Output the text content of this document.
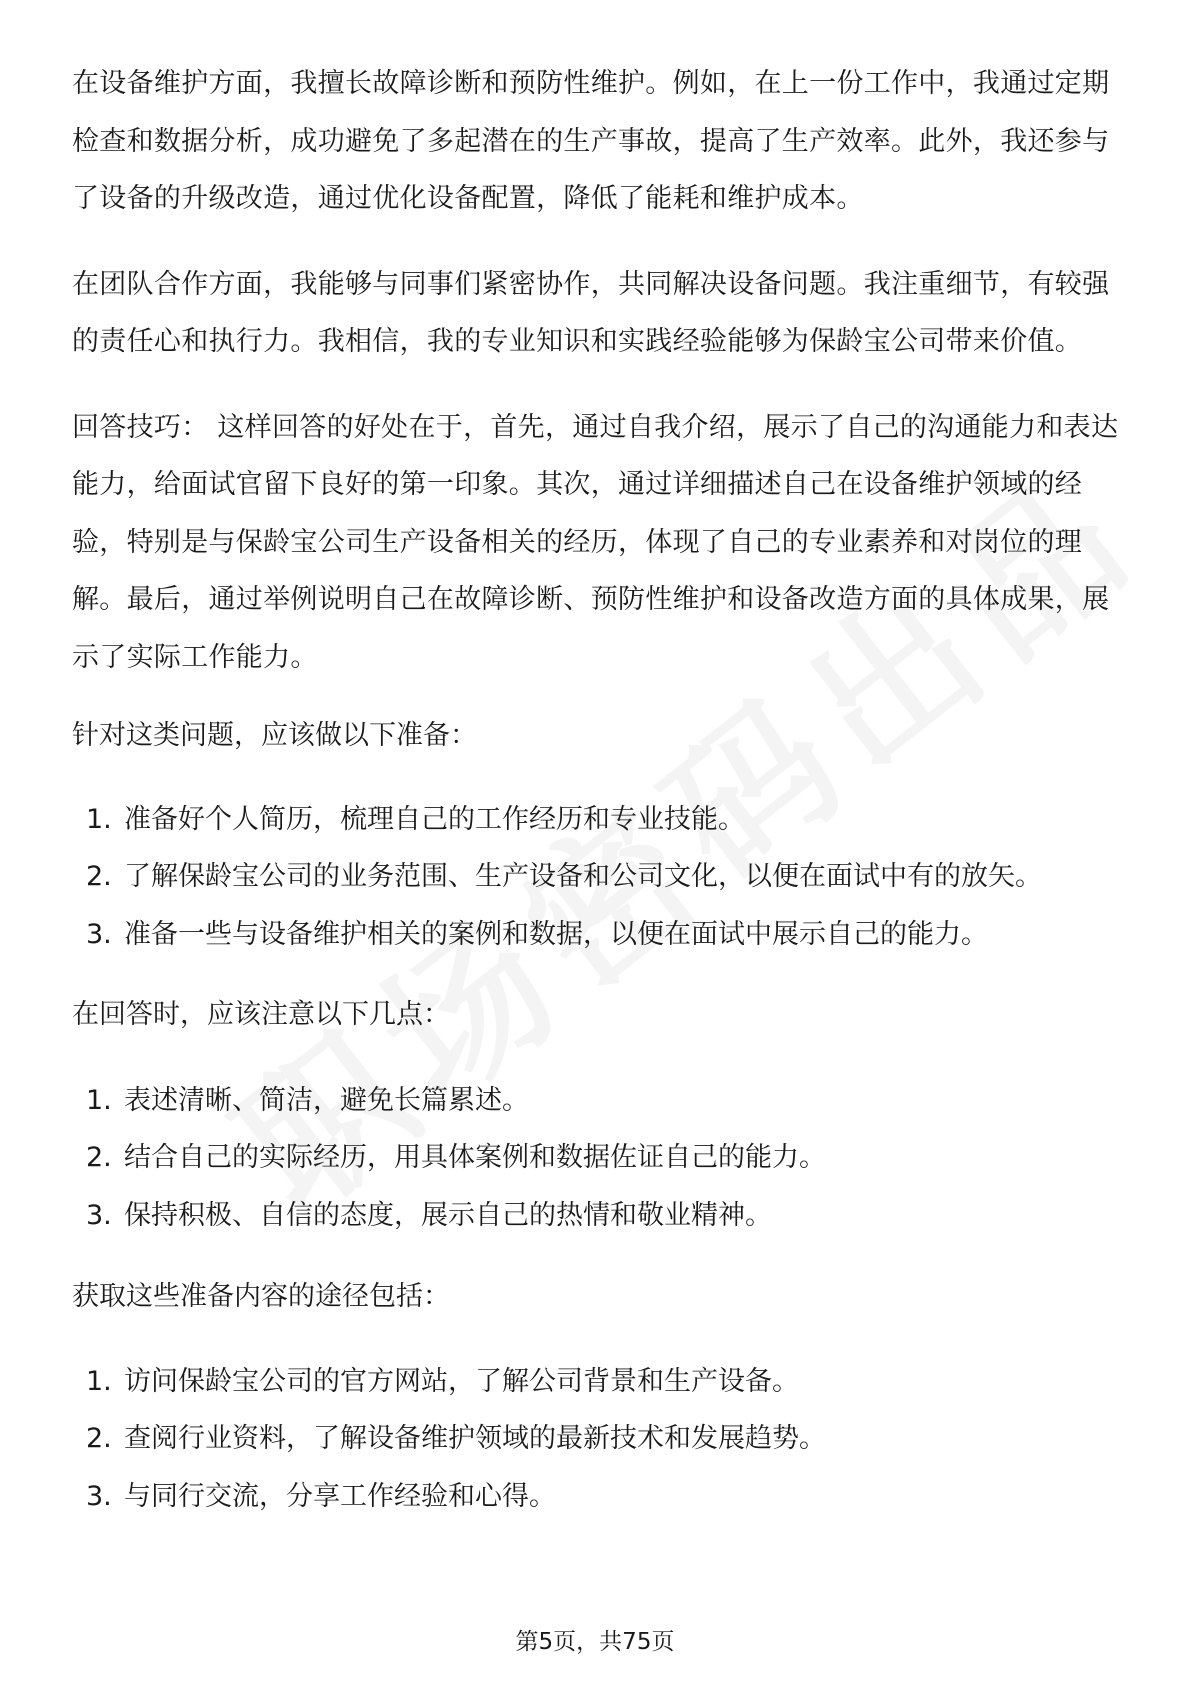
在设备维护方面，我擅长故障诊断和预防性维护。例如，在上一份工作中，我通过定期检查和数据分析，成功避免了多起潜在的生产事故，提高了生产效率。此外，我还参与了设备的升级改造，通过优化设备配置，降低了能耗和维护成本。

在团队合作方面，我能够与同事们紧密协作，共同解决设备问题。我注重细节，有较强的责任心和执行力。我相信，我的专业知识和实践经验能够为保龄宝公司带来价值。

回答技巧： 这样回答的好处在于，首先，通过自我介绍，展示了自己的沟通能力和表达能力，给面试官留下良好的第一印象。其次，通过详细描述自己在设备维护领域的经验，特别是与保龄宝公司生产设备相关的经历，体现了自己的专业素养和对岗位的理解。最后，通过举例说明自己在故障诊断、预防性维护和设备改造方面的具体成果，展示了实际工作能力。

针对这类问题，应该做以下准备：

1. 准备好个人简历，梳理自己的工作经历和专业技能。
2. 了解保龄宝公司的业务范围、生产设备和公司文化，以便在面试中有的放矢。
3. 准备一些与设备维护相关的案例和数据，以便在面试中展示自己的能力。

在回答时，应该注意以下几点：

1. 表述清晰、简洁，避免长篇累述。
2. 结合自己的实际经历，用具体案例和数据佐证自己的能力。
3. 保持积极、自信的态度，展示自己的热情和敬业精神。

获取这些准备内容的途径包括：

1. 访问保龄宝公司的官方网站，了解公司背景和生产设备。
2. 查阅行业资料，了解设备维护领域的最新技术和发展趋势。
3. 与同行交流，分享工作经验和心得。
第5页，共75页
